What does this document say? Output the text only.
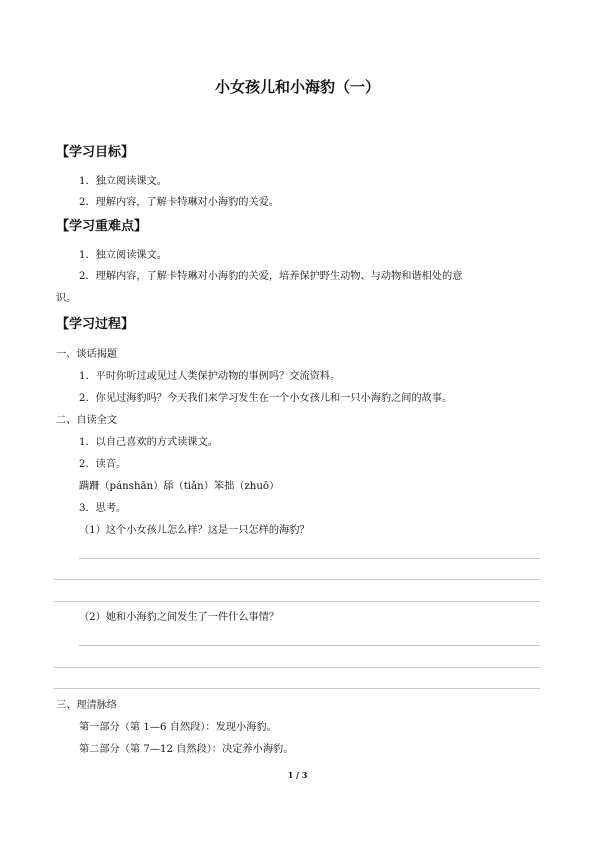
小女孩儿和小海豹（一）
【学习目标】
1．独立阅读课文。
2．理解内容，了解卡特琳对小海豹的关爱。
【学习重难点】
1．独立阅读课文。
2．理解内容，了解卡特琳对小海豹的关爱，培养保护野生动物、与动物和谐相处的意
识。
【学习过程】
一、谈话揭题
1．平时你听过或见过人类保护动物的事例吗？交流资料。
2．你见过海豹吗？今天我们来学习发生在一个小女孩儿和一只小海豹之间的故事。
二、自读全文
1．以自己喜欢的方式读课文。
2．读音。
蹒跚（pánshān）舔（tiǎn）笨拙（zhuō）
3．思考。
（1）这个小女孩儿怎么样？这是一只怎样的海豹？
（2）她和小海豹之间发生了一件什么事情？
三、理清脉络
第一部分（第 1—6 自然段）：发现小海豹。
第二部分（第 7—12 自然段）：决定养小海豹。
1 / 3
